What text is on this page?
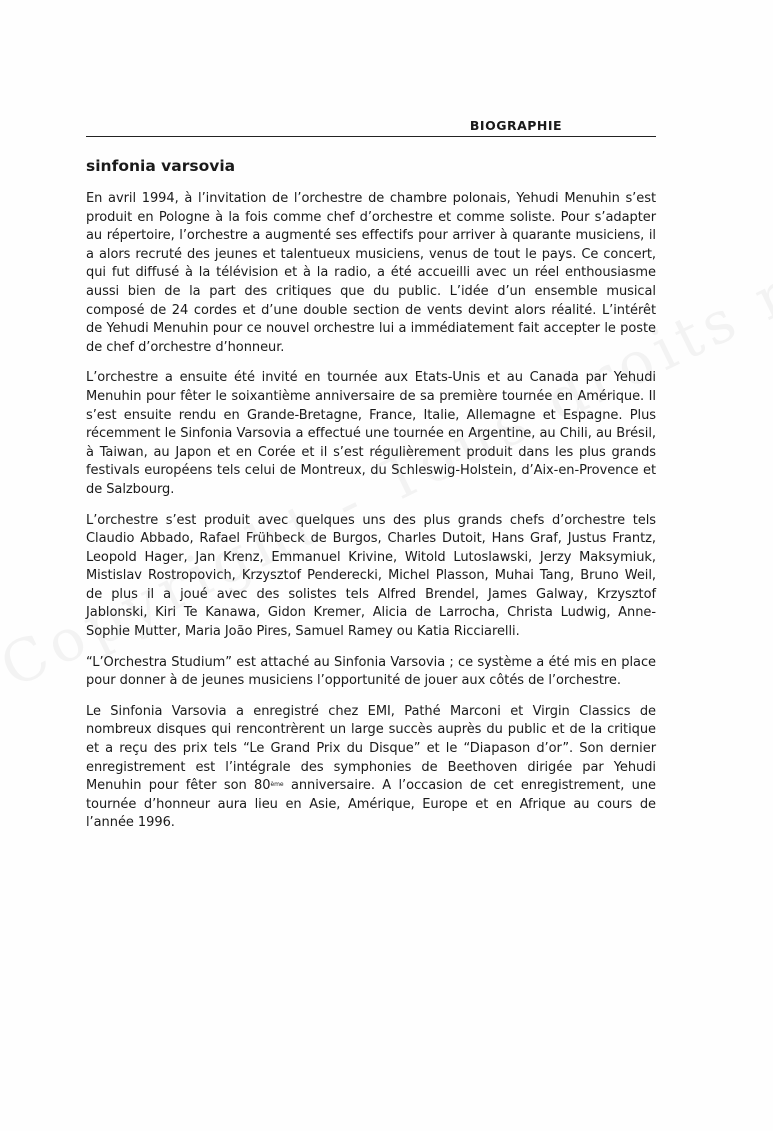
BIOGRAPHIE
sinfonia varsovia

En avril 1994, à l’invitation de l’orchestre de chambre polonais, Yehudi Menuhin s’est produit en Pologne à la fois comme chef d’orchestre et comme soliste. Pour s’adapter au répertoire, l’orchestre a augmenté ses effectifs pour arriver à quarante musiciens, il a alors recruté des jeunes et talentueux musiciens, venus de tout le pays. Ce concert, qui fut diffusé à la télévision et à la radio, a été accueilli avec un réel enthousiasme aussi bien de la part des critiques que du public. L’idée d’un ensemble musical composé de 24 cordes et d’une double section de vents devint alors réalité. L’intérêt de Yehudi Menuhin pour ce nouvel orchestre lui a immédiatement fait accepter le poste de chef d’orchestre d’honneur.

L’orchestre a ensuite été invité en tournée aux Etats-Unis et au Canada par Yehudi Menuhin pour fêter le soixantième anniversaire de sa première tournée en Amérique. Il s’est ensuite rendu en Grande-Bretagne, France, Italie, Allemagne et Espagne. Plus récemment le Sinfonia Varsovia a effectué une tournée en Argentine, au Chili, au Brésil, à Taiwan, au Japon et en Corée et il s’est régulièrement produit dans les plus grands festivals européens tels celui de Montreux, du Schleswig-Holstein, d’Aix-en-Provence et de Salzbourg.

L’orchestre s’est produit avec quelques uns des plus grands chefs d’orchestre tels Claudio Abbado, Rafael Frühbeck de Burgos, Charles Dutoit, Hans Graf, Justus Frantz, Leopold Hager, Jan Krenz, Emmanuel Krivine, Witold Lutoslawski, Jerzy Maksymiuk, Mistislav Rostropovich, Krzysztof Penderecki, Michel Plasson, Muhai Tang, Bruno Weil, de plus il a joué avec des solistes tels Alfred Brendel, James Galway, Krzysztof Jablonski, Kiri Te Kanawa, Gidon Kremer, Alicia de Larrocha, Christa Ludwig, Anne-Sophie Mutter, Maria João Pires, Samuel Ramey ou Katia Ricciarelli.

“L’Orchestra Studium” est attaché au Sinfonia Varsovia ; ce système a été mis en place pour donner à de jeunes musiciens l’opportunité de jouer aux côtés de l’orchestre.

Le Sinfonia Varsovia a enregistré chez EMI, Pathé Marconi et Virgin Classics de nombreux disques qui rencontrèrent un large succès auprès du public et de la critique et a reçu des prix tels “Le Grand Prix du Disque” et le “Diapason d’or”. Son dernier enregistrement est l’intégrale des symphonies de Beethoven dirigée par Yehudi Menuhin pour fêter son 80ème anniversaire. A l’occasion de cet enregistrement, une tournée d’honneur aura lieu en Asie, Amérique, Europe et en Afrique au cours de l’année 1996.
